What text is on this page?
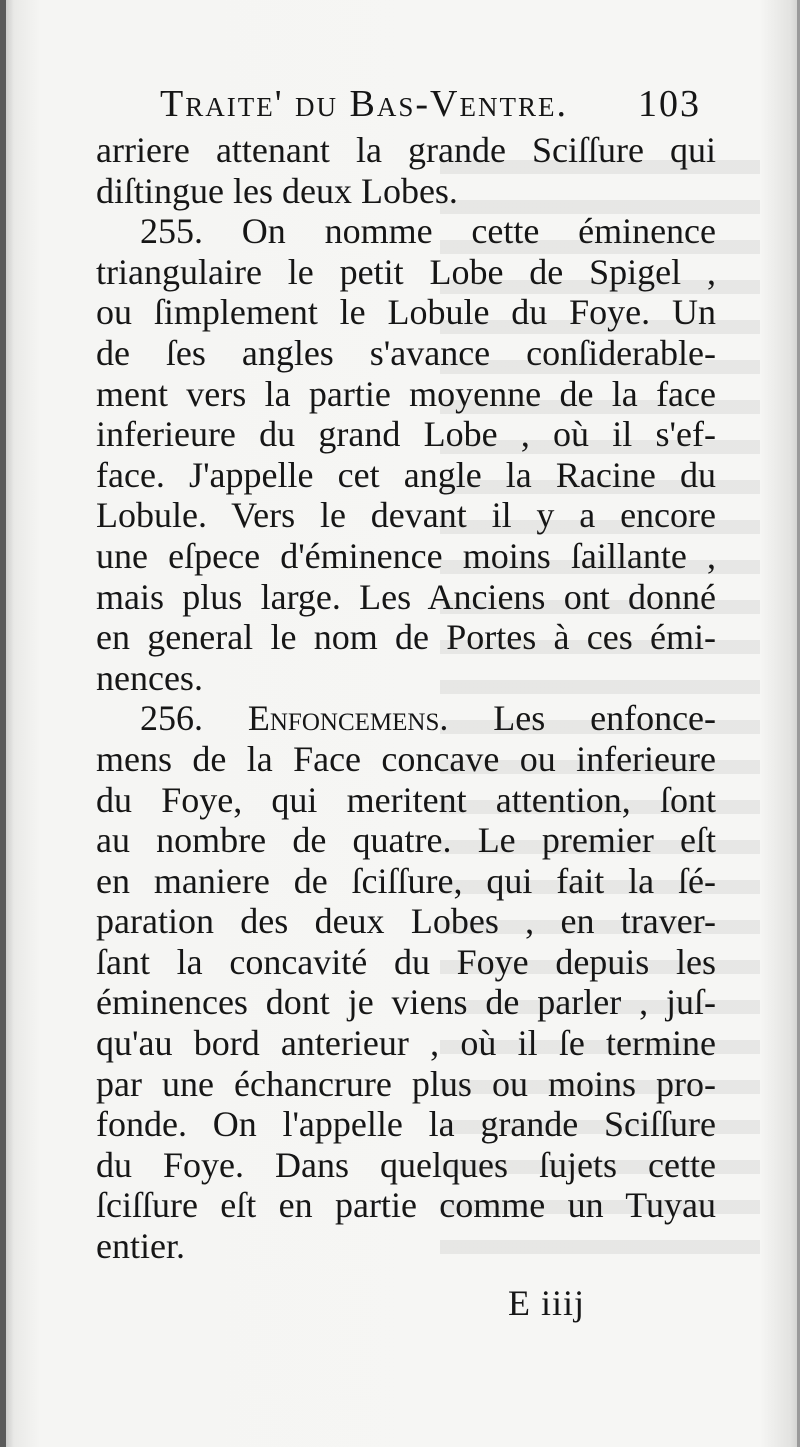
Traite' du Bas-Ventre. 103
arriere attenant la grande Sciſſure qui
diſtingue les deux Lobes.
255. On nomme cette éminence
triangulaire le petit Lobe de Spigel ,
ou ſimplement le Lobule du Foye. Un
de ſes angles s'avance conſiderable-
ment vers la partie moyenne de la face
inferieure du grand Lobe , où il s'ef-
face. J'appelle cet angle la Racine du
Lobule. Vers le devant il y a encore
une eſpece d'éminence moins ſaillante ,
mais plus large. Les Anciens ont donné
en general le nom de Portes à ces émi-
nences.
256. Enfoncemens. Les enfonce-
mens de la Face concave ou inferieure
du Foye, qui meritent attention, ſont
au nombre de quatre. Le premier eſt
en maniere de ſciſſure, qui fait la ſé-
paration des deux Lobes , en traver-
ſant la concavité du Foye depuis les
éminences dont je viens de parler , juſ-
qu'au bord anterieur , où il ſe termine
par une échancrure plus ou moins pro-
fonde. On l'appelle la grande Sciſſure
du Foye. Dans quelques ſujets cette
ſciſſure eſt en partie comme un Tuyau
entier.
E iiij
